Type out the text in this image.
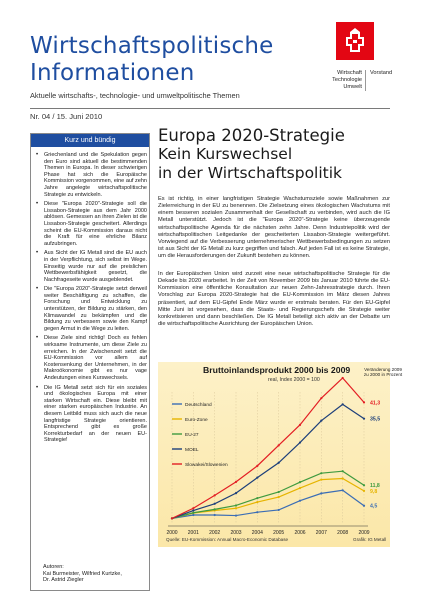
Wirtschaftspolitische
Informationen
Aktuelle wirtschafts-, technologie- und umweltpolitische Themen
Wirtschaft
Technologie
Umwelt
Vorstand
Nr. 04 / 15. Juni 2010
Kurz und bündig
• Griechenland und die Spekulation gegen den Euro sind aktuell die bestimmenden Themen in Europa. In dieser schwierigen Phase hat sich die Europäische Kommission vorgenommen, eine auf zehn Jahre angelegte wirtschaftspolitische Strategie zu entwickeln.
• Diese "Europa 2020"-Strategie soll die Lissabon-Strategie aus dem Jahr 2000 ablösen. Gemessen an ihren Zielen ist die Lissabon-Strategie gescheitert. Allerdings scheint die EU-Kommission daraus nicht die Kraft für eine ehrliche Bilanz aufzubringen.
• Aus Sicht der IG Metall sind die EU auch in der Verpflichtung, sich selbst im Wege. Einseitig wurde nur auf die preislichen Wettbewerbsfähigkeit gesetzt, die Nachfrageseite wurde ausgeblendet.
• Die "Europa 2020"-Strategie setzt derweil weiter Beschäftigung zu schaffen, die Forschung und Entwicklung zu unterstützen, der Bildung zu stärken, den Klimawandel zu bekämpfen und die Bildung zu verbessern sowie den Kampf gegen Armut in die Wege zu leiten.
• Diese Ziele sind richtig! Doch es fehlen wirksame Instrumente, um diese Ziele zu erreichen. In der Zwischenzeit setzt die EU-Kommission vor allem auf Kostensenkung der Unternehmen, in der Makroökonomie gibt es nur vage Andeutungen eines Kurswechsels.
• Die IG Metall setzt sich für ein soziales und ökologisches Europa mit einer starken Wirtschaft ein. Diese bleibt mit einer starken europäischen Industrie. An diesem Leitbild muss sich auch die neue langfristige Strategie orientieren. Entsprechend gibt es große Korrekturbedarf an der neuen EU-Strategie!
Autoren:
Kai Burmeister, Wilfried Kurtzke,
Dr. Astrid Ziegler
Europa 2020-Strategie
Kein Kurswechsel
in der Wirtschaftspolitik
Es ist richtig, in einer langfristigen Strategie Wachstumsziele sowie Maßnahmen zur Zielerreichung in der EU zu benennen. Die Zielsetzung eines ökologischen Wachstums mit einem besseren sozialen Zusammenhalt der Gesellschaft zu verbinden, wird auch die IG Metall unterstützt. Jedoch ist die "Europa 2020"-Strategie keine überzeugende wirtschaftspolitische Agenda für die nächsten zehn Jahre. Denn Industriepolitik wird der wirtschaftspolitischen Leitgedanke der gescheiterten Lissabon-Strategie weitergeführt. Vorwiegend auf die Verbesserung unternehmerischer Wettbewerbsbedingungen zu setzen ist aus Sicht der IG Metall zu kurz gegriffen und falsch. Auf jeden Fall ist es keine Strategie, um die Herausforderungen der Zukunft bestehen zu können.
In der Europäischen Union wird zurzeit eine neue wirtschaftspolitische Strategie für die Dekade bis 2020 erarbeitet. In der Zeit von November 2009 bis Januar 2010 führte die EU-Kommission eine öffentliche Konsultation zur neuen Zehn-Jahresstrategie durch. Ihren Vorschlag zur Europa 2020-Strategie hat die EU-Kommission im März diesen Jahres präsentiert, auf dem EU-Gipfel Ende März wurde er erstmals beraten. Für den EU-Gipfel Mitte Juni ist vorgesehen, dass die Staats- und Regierungschefs die Strategie weiter konkretisieren und dann beschließen. Die IG Metall beteiligt sich aktiv an der Debatte um die wirtschaftspolitische Ausrichtung der Europäischen Union.
Deutschland
Euro-Zone
EU-27
MOEL
Slowakei/Slowenien
2000 2001 2002 2003 2004 2005 2006 2007 2008 2009
4,5
9,8
11,8
35,5
41,3
Bruttoinlandsprodukt 2000 bis 2009
real, Index 2000 = 100
Veränderung 2009 zu 2000 in Prozent
Quelle: EU-Kommission: Annual Macro-Economic Database	Grafik: IG Metall
